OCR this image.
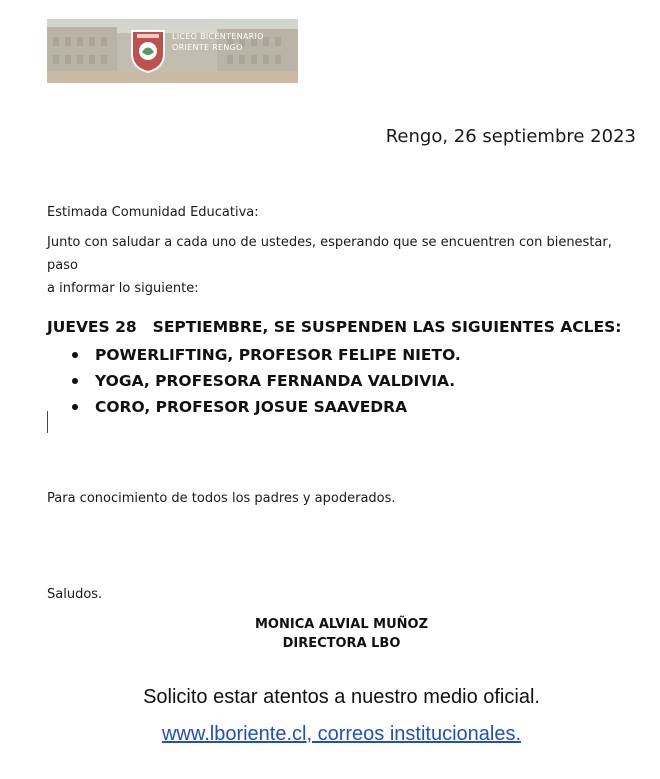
LICEO BICENTENARIO
ORIENTE RENGO
Rengo, 26 septiembre 2023
Estimada Comunidad Educativa:
Junto con saludar a cada uno de ustedes, esperando que se encuentren con bienestar, paso
a informar lo siguiente:
JUEVES 28 SEPTIEMBRE, SE SUSPENDEN LAS SIGUIENTES ACLES:
POWERLIFTING, PROFESOR FELIPE NIETO.
YOGA, PROFESORA FERNANDA VALDIVIA.
CORO, PROFESOR JOSUE SAAVEDRA
Para conocimiento de todos los padres y apoderados.
Saludos.
MONICA ALVIAL MUÑOZ
DIRECTORA LBO
Solicito estar atentos a nuestro medio oficial.
www.lboriente.cl, correos institucionales.
